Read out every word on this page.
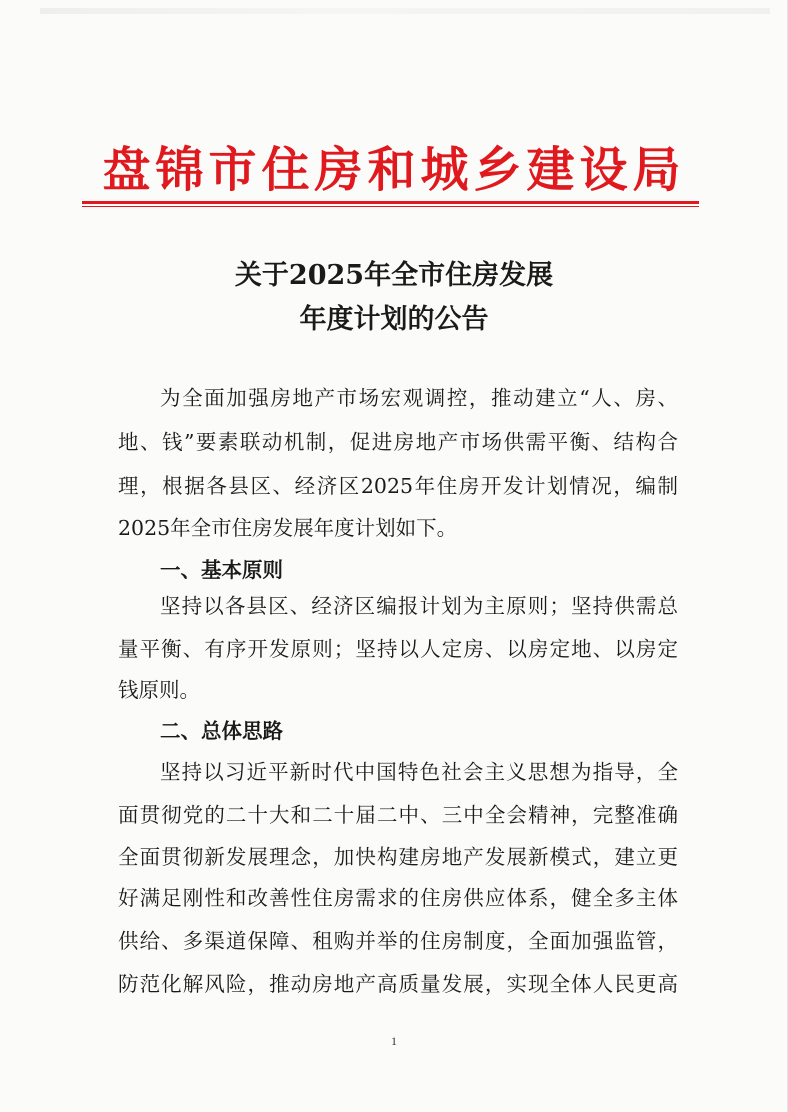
盘锦市住房和城乡建设局
关于2025年全市住房发展
年度计划的公告
为全面加强房地产市场宏观调控，推动建立“人、房、
地、钱”要素联动机制，促进房地产市场供需平衡、结构合
理，根据各县区、经济区2025年住房开发计划情况，编制
2025年全市住房发展年度计划如下。
一、基本原则
坚持以各县区、经济区编报计划为主原则；坚持供需总
量平衡、有序开发原则；坚持以人定房、以房定地、以房定
钱原则。
二、总体思路
坚持以习近平新时代中国特色社会主义思想为指导，全
面贯彻党的二十大和二十届二中、三中全会精神，完整准确
全面贯彻新发展理念，加快构建房地产发展新模式，建立更
好满足刚性和改善性住房需求的住房供应体系，健全多主体
供给、多渠道保障、租购并举的住房制度，全面加强监管，
防范化解风险，推动房地产高质量发展，实现全体人民更高
1
